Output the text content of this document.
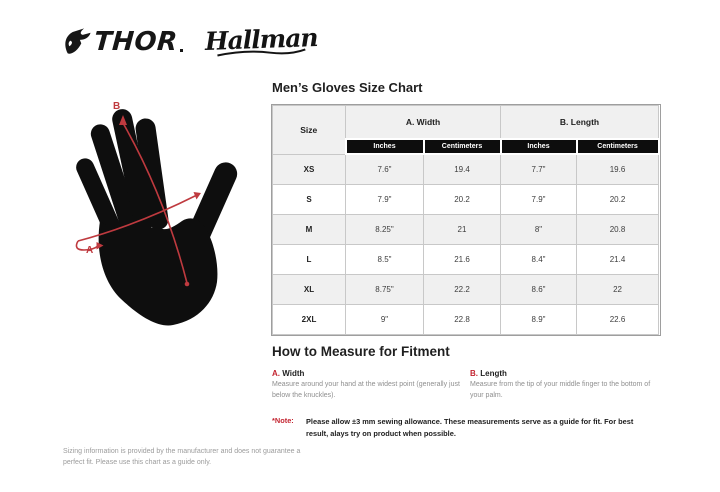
THOR Hallman
B
A
Men’s Gloves Size Chart
Size	A. Width		B. Length	
	Inches	Centimeters	Inches	Centimeters
XS	7.6"	19.4	7.7"	19.6
S	7.9"	20.2	7.9"	20.2
M	8.25"	21	8"	20.8
L	8.5"	21.6	8.4"	21.4
XL	8.75"	22.2	8.6"	22
2XL	9"	22.8	8.9"	22.6
How to Measure for Fitment
A. Width
Measure around your hand at the widest point (generally just below the knuckles).
B. Length
Measure from the tip of your middle finger to the bottom of your palm.
*Note:	Please allow ±3 mm sewing allowance. These measurements serve as a guide for fit. For best result, alays try on product when possible.
Sizing information is provided by the manufacturer and does not guarantee a perfect fit. Please use this chart as a guide only.
